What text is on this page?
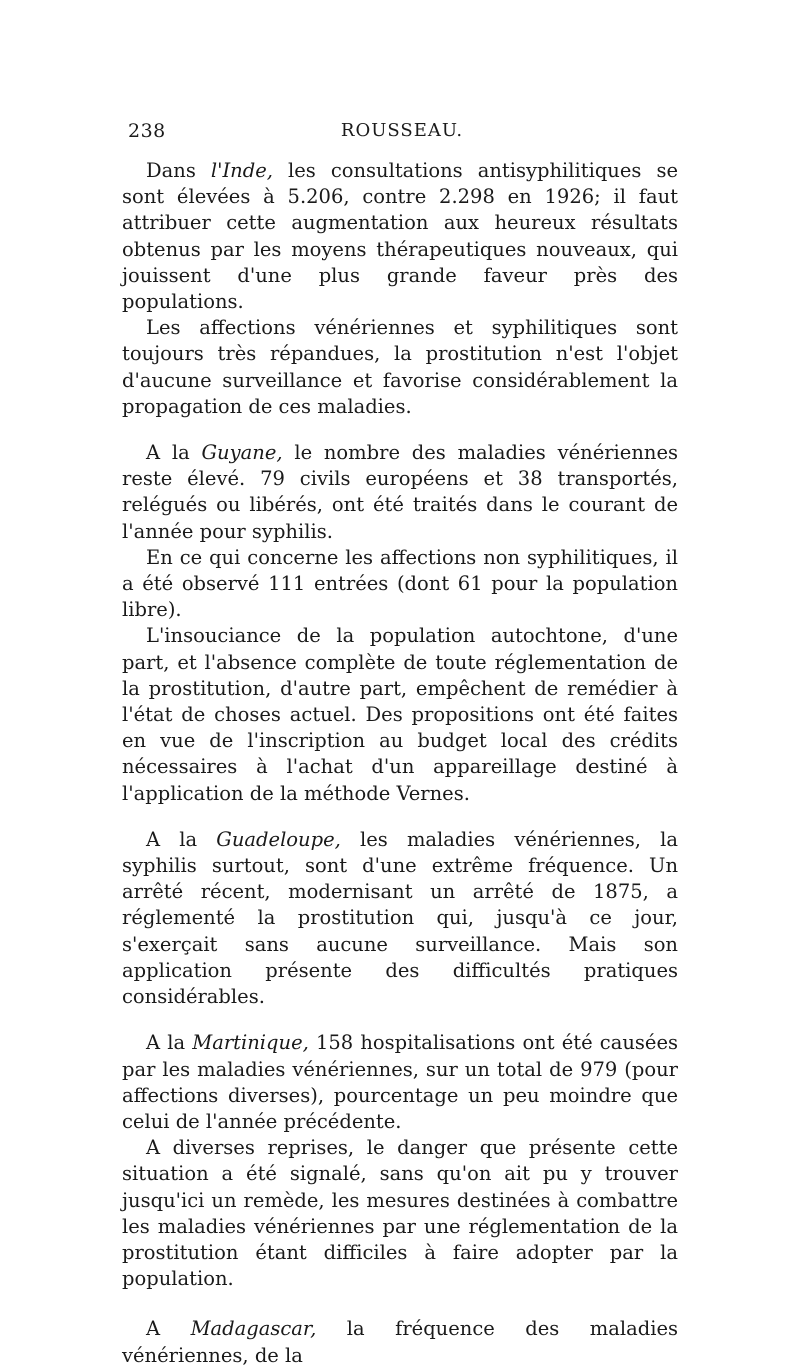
238	ROUSSEAU.

Dans l'Inde, les consultations antisyphilitiques se sont élevées à 5.206, contre 2.298 en 1926; il faut attribuer cette augmentation aux heureux résultats obtenus par les moyens thérapeutiques nouveaux, qui jouissent d'une plus grande faveur près des populations.

Les affections vénériennes et syphilitiques sont toujours très répandues, la prostitution n'est l'objet d'aucune surveillance et favorise considérablement la propagation de ces maladies.

A la Guyane, le nombre des maladies vénériennes reste élevé. 79 civils européens et 38 transportés, relégués ou libérés, ont été traités dans le courant de l'année pour syphilis.

En ce qui concerne les affections non syphilitiques, il a été observé 111 entrées (dont 61 pour la population libre).

L'insouciance de la population autochtone, d'une part, et l'absence complète de toute réglementation de la prostitution, d'autre part, empêchent de remédier à l'état de choses actuel. Des propositions ont été faites en vue de l'inscription au budget local des crédits nécessaires à l'achat d'un appareillage destiné à l'application de la méthode Vernes.

A la Guadeloupe, les maladies vénériennes, la syphilis surtout, sont d'une extrême fréquence. Un arrêté récent, modernisant un arrêté de 1875, a réglementé la prostitution qui, jusqu'à ce jour, s'exerçait sans aucune surveillance. Mais son application présente des difficultés pratiques considérables.

A la Martinique, 158 hospitalisations ont été causées par les maladies vénériennes, sur un total de 979 (pour affections diverses), pourcentage un peu moindre que celui de l'année précédente.

A diverses reprises, le danger que présente cette situation a été signalé, sans qu'on ait pu y trouver jusqu'ici un remède, les mesures destinées à combattre les maladies vénériennes par une réglementation de la prostitution étant difficiles à faire adopter par la population.

A Madagascar, la fréquence des maladies vénériennes, de la
